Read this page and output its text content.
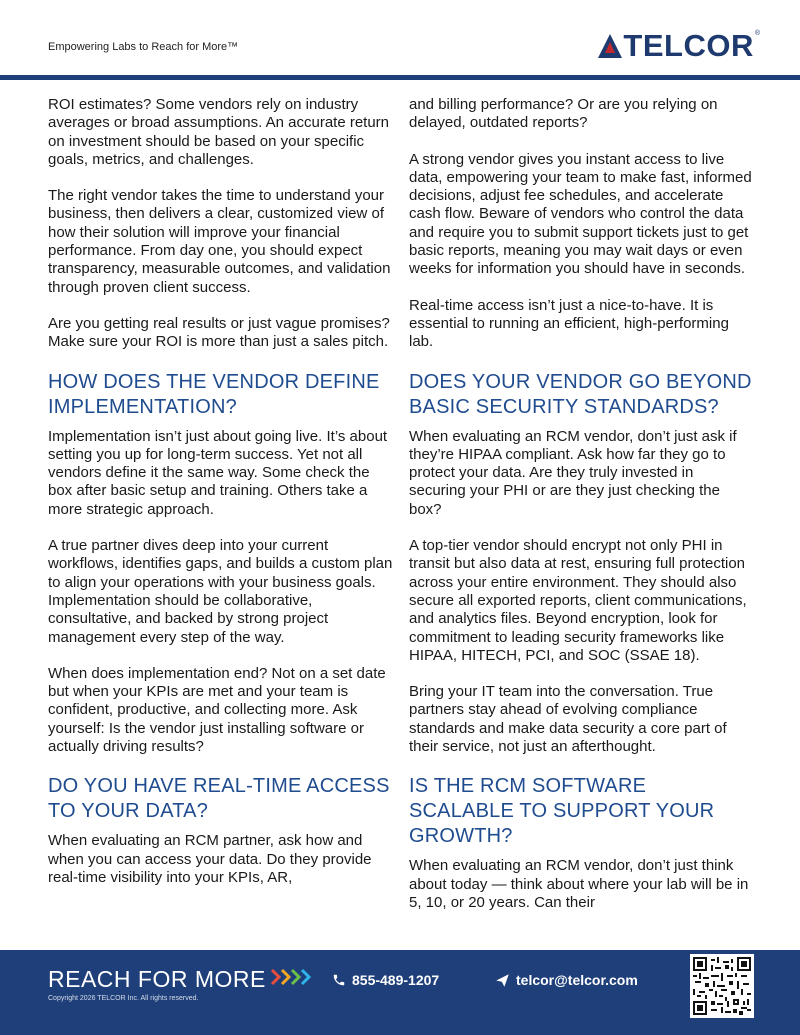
Empowering Labs to Reach for More™	TELCOR ®

ROI estimates? Some vendors rely on industry averages or broad assumptions. An accurate return on investment should be based on your specific goals, metrics, and challenges.

The right vendor takes the time to understand your business, then delivers a clear, customized view of how their solution will improve your financial performance. From day one, you should expect transparency, measurable outcomes, and validation through proven client success.

Are you getting real results or just vague promises? Make sure your ROI is more than just a sales pitch.

HOW DOES THE VENDOR DEFINE IMPLEMENTATION?

Implementation isn’t just about going live. It’s about setting you up for long-term success. Yet not all vendors define it the same way. Some check the box after basic setup and training. Others take a more strategic approach.

A true partner dives deep into your current workflows, identifies gaps, and builds a custom plan to align your operations with your business goals. Implementation should be collaborative, consultative, and backed by strong project management every step of the way.

When does implementation end? Not on a set date but when your KPIs are met and your team is confident, productive, and collecting more. Ask yourself: Is the vendor just installing software or actually driving results?

DO YOU HAVE REAL-TIME ACCESS TO YOUR DATA?

When evaluating an RCM partner, ask how and when you can access your data. Do they provide real-time visibility into your KPIs, AR,

and billing performance? Or are you relying on delayed, outdated reports?

A strong vendor gives you instant access to live data, empowering your team to make fast, informed decisions, adjust fee schedules, and accelerate cash flow. Beware of vendors who control the data and require you to submit support tickets just to get basic reports, meaning you may wait days or even weeks for information you should have in seconds.

Real-time access isn’t just a nice-to-have. It is essential to running an efficient, high-performing lab.

DOES YOUR VENDOR GO BEYOND BASIC SECURITY STANDARDS?

When evaluating an RCM vendor, don’t just ask if they’re HIPAA compliant. Ask how far they go to protect your data. Are they truly invested in securing your PHI or are they just checking the box?

A top-tier vendor should encrypt not only PHI in transit but also data at rest, ensuring full protection across your entire environment. They should also secure all exported reports, client communications, and analytics files. Beyond encryption, look for commitment to leading security frameworks like HIPAA, HITECH, PCI, and SOC (SSAE 18).

Bring your IT team into the conversation. True partners stay ahead of evolving compliance standards and make data security a core part of their service, not just an afterthought.

IS THE RCM SOFTWARE SCALABLE TO SUPPORT YOUR GROWTH?

When evaluating an RCM vendor, don’t just think about today — think about where your lab will be in 5, 10, or 20 years. Can their

REACH FOR MORE
Copyright 2026 TELCOR Inc. All rights reserved.
855-489-1207	telcor@telcor.com
